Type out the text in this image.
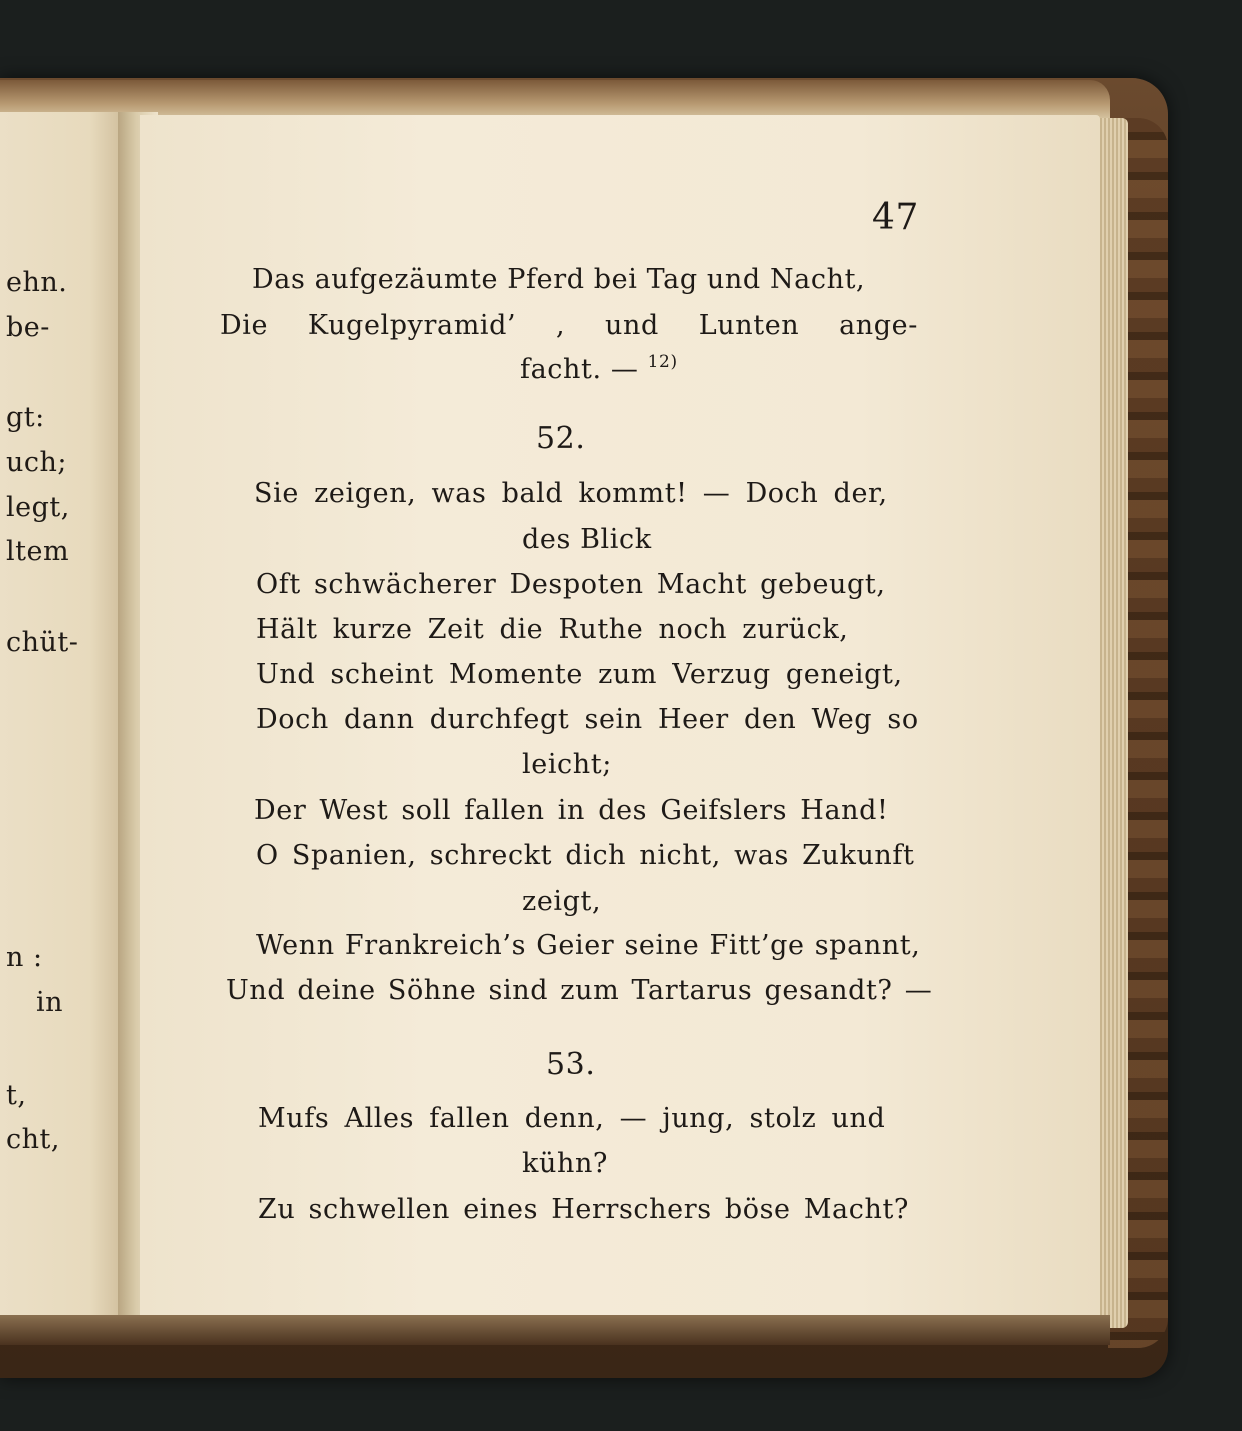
ehn.
be-
gt:
uch;
legt,
ltem
chüt-
n :
in
t,
cht,
47
Das aufgezäumte Pferd bei Tag und Nacht,
Die Kugelpyramid’ , und Lunten ange-
facht. — $^{12)}$
52.
Sie zeigen, was bald kommt! — Doch der,
des Blick
Oft schwächerer Despoten Macht gebeugt,
Hält kurze Zeit die Ruthe noch zurück,
Und scheint Momente zum Verzug geneigt,
Doch dann durchfegt sein Heer den Weg so
leicht;
Der West soll fallen in des Geifslers Hand!
O Spanien, schreckt dich nicht, was Zukunft
zeigt,
Wenn Frankreich’s Geier seine Fitt’ge spannt,
Und deine Söhne sind zum Tartarus gesandt? —
53.
Mufs Alles fallen denn, — jung, stolz und
kühn?
Zu schwellen eines Herrschers böse Macht?
